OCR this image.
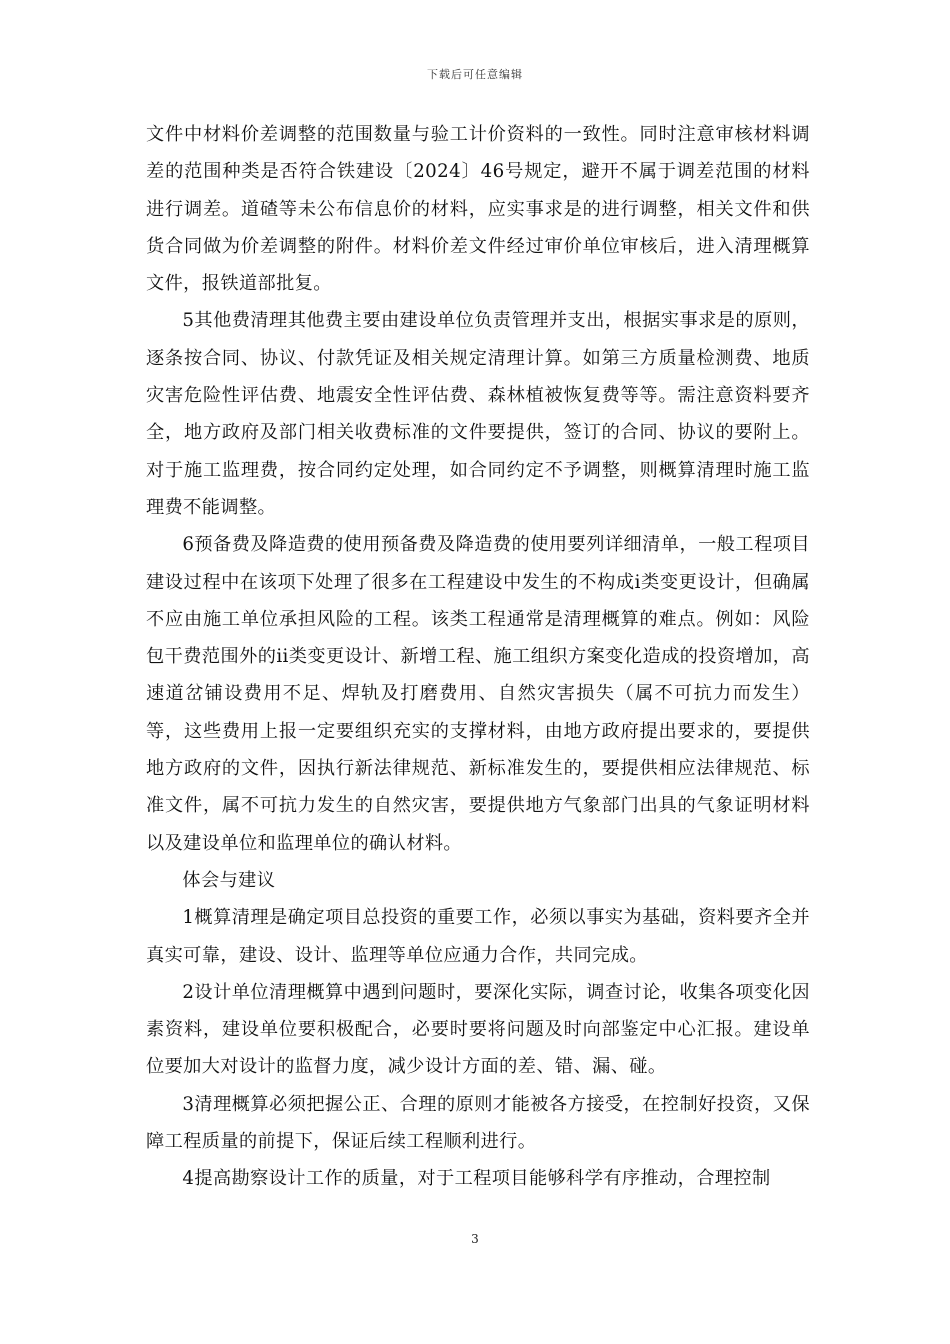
下载后可任意编辑

文件中材料价差调整的范围数量与验工计价资料的一致性。同时注意审核材料调差的范围种类是否符合铁建设〔2024〕46号规定，避开不属于调差范围的材料进行调差。道碴等未公布信息价的材料，应实事求是的进行调整，相关文件和供货合同做为价差调整的附件。材料价差文件经过审价单位审核后，进入清理概算文件，报铁道部批复。

5其他费清理其他费主要由建设单位负责管理并支出，根据实事求是的原则，逐条按合同、协议、付款凭证及相关规定清理计算。如第三方质量检测费、地质灾害危险性评估费、地震安全性评估费、森林植被恢复费等等。需注意资料要齐全，地方政府及部门相关收费标准的文件要提供，签订的合同、协议的要附上。对于施工监理费，按合同约定处理，如合同约定不予调整，则概算清理时施工监理费不能调整。

6预备费及降造费的使用预备费及降造费的使用要列详细清单，一般工程项目建设过程中在该项下处理了很多在工程建设中发生的不构成i类变更设计，但确属不应由施工单位承担风险的工程。该类工程通常是清理概算的难点。例如：风险包干费范围外的ii类变更设计、新增工程、施工组织方案变化造成的投资增加，高速道岔铺设费用不足、焊轨及打磨费用、自然灾害损失（属不可抗力而发生）等，这些费用上报一定要组织充实的支撑材料，由地方政府提出要求的，要提供地方政府的文件，因执行新法律规范、新标准发生的，要提供相应法律规范、标准文件，属不可抗力发生的自然灾害，要提供地方气象部门出具的气象证明材料以及建设单位和监理单位的确认材料。

体会与建议

1概算清理是确定项目总投资的重要工作，必须以事实为基础，资料要齐全并真实可靠，建设、设计、监理等单位应通力合作，共同完成。

2设计单位清理概算中遇到问题时，要深化实际，调查讨论，收集各项变化因素资料，建设单位要积极配合，必要时要将问题及时向部鉴定中心汇报。建设单位要加大对设计的监督力度，减少设计方面的差、错、漏、碰。

3清理概算必须把握公正、合理的原则才能被各方接受，在控制好投资，又保障工程质量的前提下，保证后续工程顺利进行。

4提高勘察设计工作的质量，对于工程项目能够科学有序推动，合理控制

3
